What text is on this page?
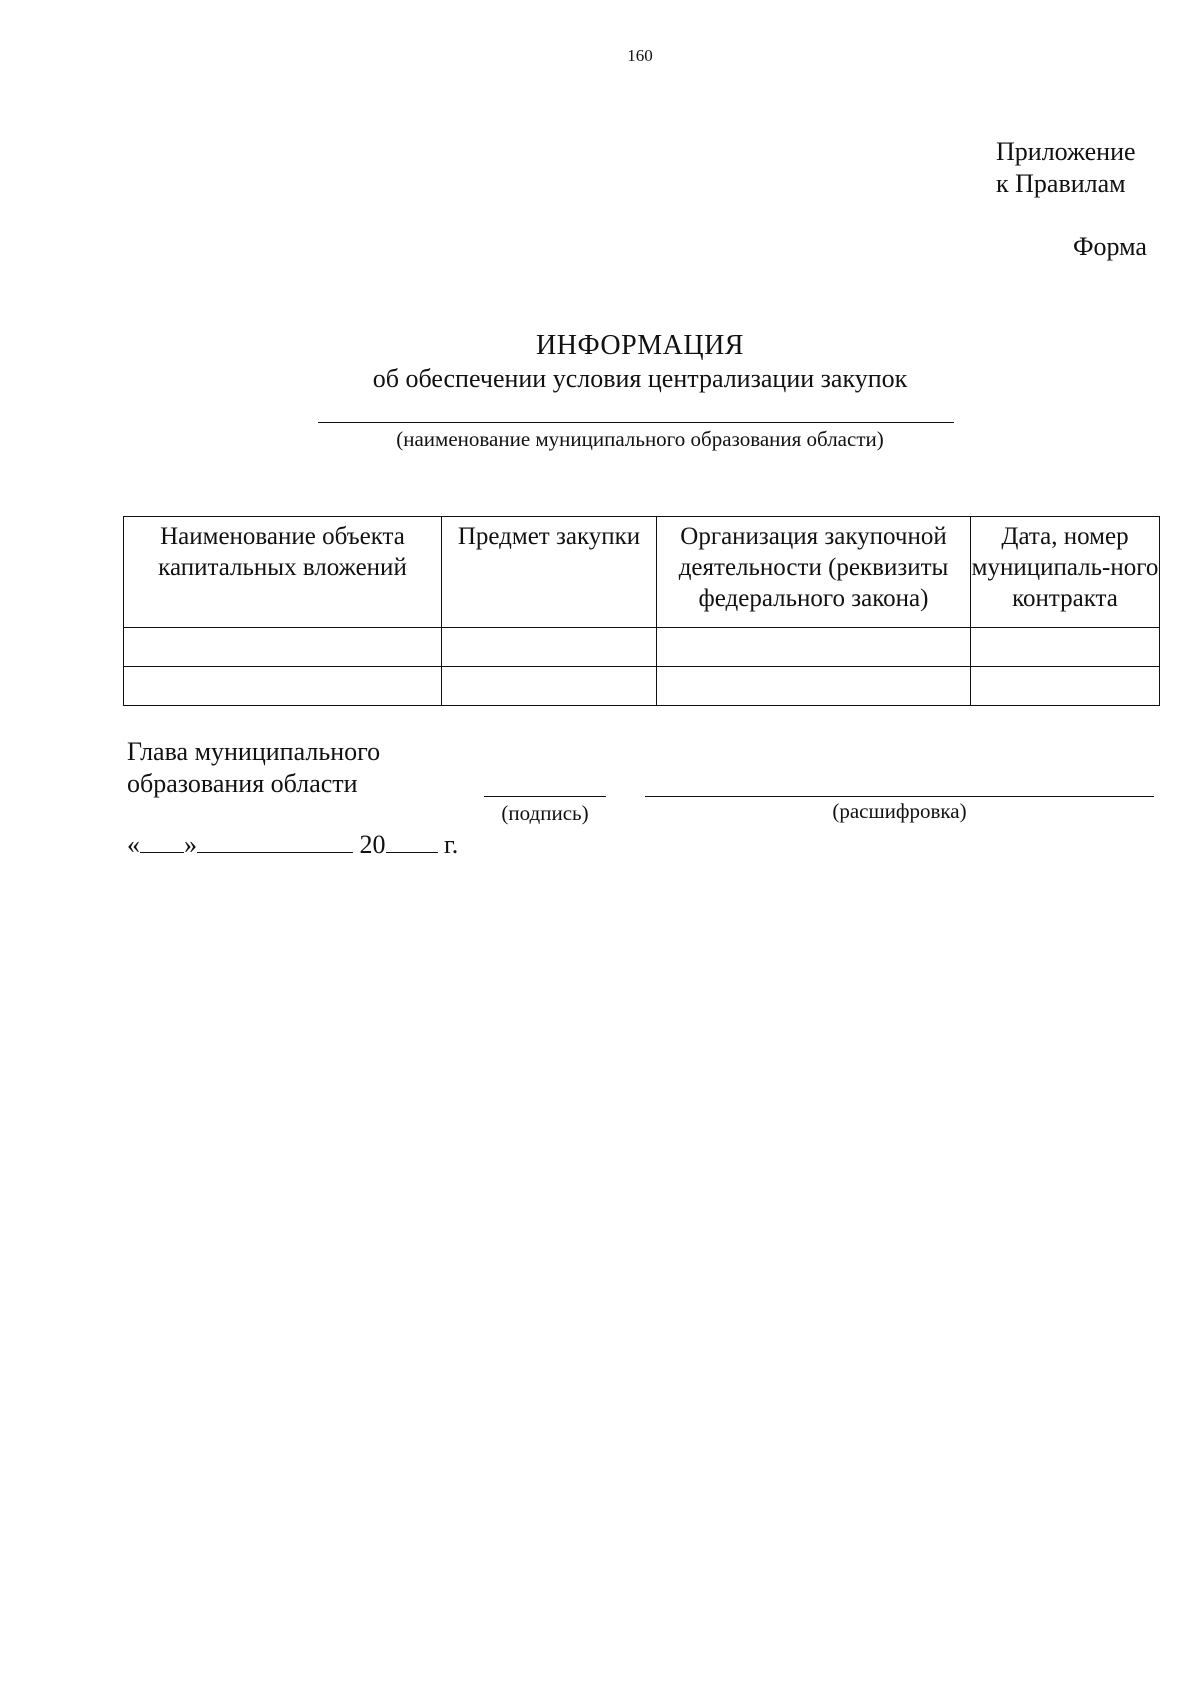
160
Приложение
к Правилам
Форма
ИНФОРМАЦИЯ
об обеспечении условия централизации закупок
(наименование муниципального образования области)
Наименование объекта капитальных вложений	Предмет закупки	Организация закупочной деятельности (реквизиты федерального закона)	Дата, номер муниципаль-ного контракта

Глава муниципального
образования области
(подпись)	(расшифровка)
« »	20 г.
